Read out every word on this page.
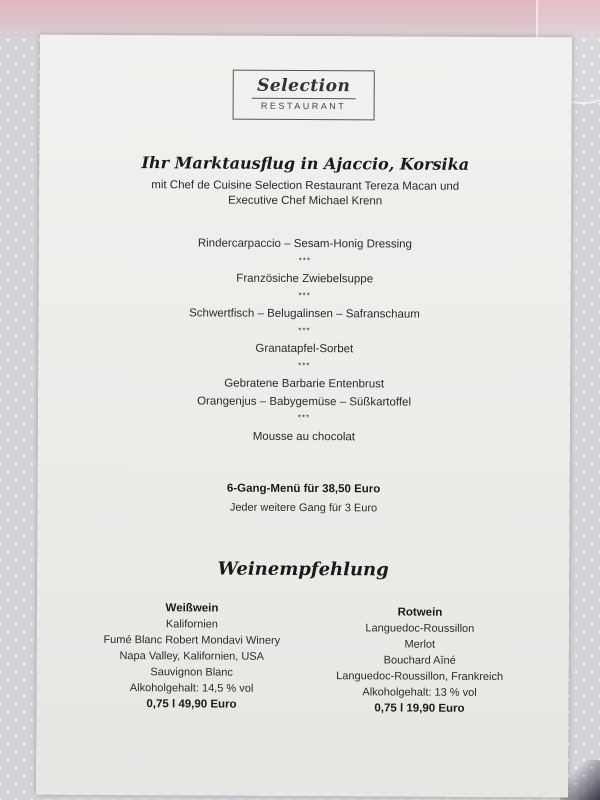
Selection
RESTAURANT
Ihr Marktausflug in Ajaccio, Korsika
mit Chef de Cuisine Selection Restaurant Tereza Macan und
Executive Chef Michael Krenn
Rindercarpaccio – Sesam-Honig Dressing
***
Französiche Zwiebelsuppe
***
Schwertfisch – Belugalinsen – Safranschaum
***
Granatapfel-Sorbet
***
Gebratene Barbarie Entenbrust
Orangenjus – Babygemüse – Süßkartoffel
***
Mousse au chocolat
6-Gang-Menü für 38,50 Euro
Jeder weitere Gang für 3 Euro
Weinempfehlung
Weißwein
Kalifornien
Fumé Blanc Robert Mondavi Winery
Napa Valley, Kalifornien, USA
Sauvignon Blanc
Alkoholgehalt: 14,5 % vol
0,75 l 49,90 Euro
Rotwein
Languedoc-Roussillon
Merlot
Bouchard Aîné
Languedoc-Roussillon, Frankreich
Alkoholgehalt: 13 % vol
0,75 l 19,90 Euro
